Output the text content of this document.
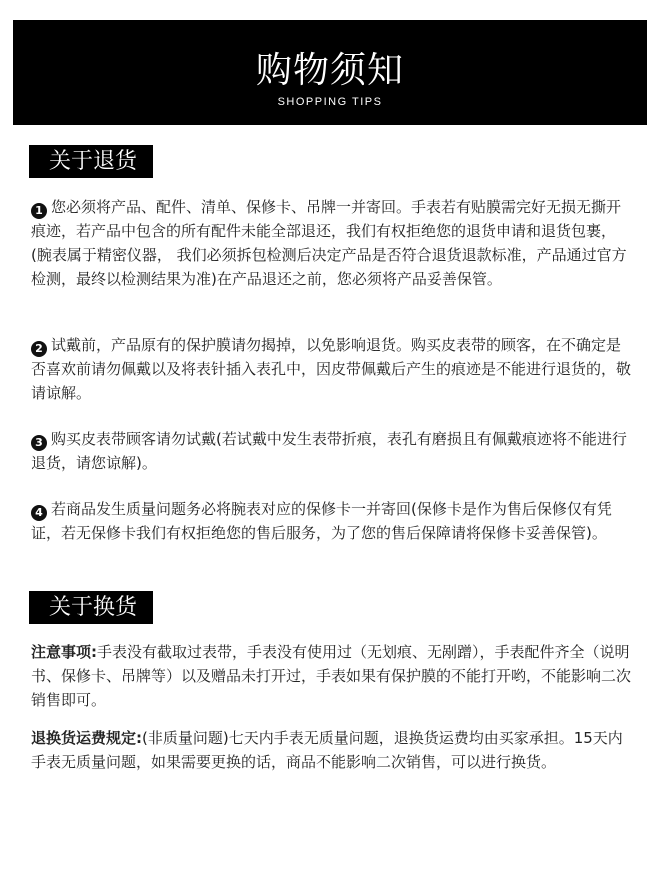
购物须知
SHOPPING TIPS
关于退货
1 您必须将产品、配件、清单、保修卡、吊牌一并寄回。手表若有贴膜需完好无损无撕开痕迹，若产品中包含的所有配件未能全部退还，我们有权拒绝您的退货申请和退货包裹，(腕表属于精密仪器， 我们必须拆包检测后决定产品是否符合退货退款标准，产品通过官方检测，最终以检测结果为准)在产品退还之前，您必须将产品妥善保管。
2 试戴前，产品原有的保护膜请勿揭掉，以免影响退货。购买皮表带的顾客，在不确定是否喜欢前请勿佩戴以及将表针插入表孔中，因皮带佩戴后产生的痕迹是不能进行退货的，敬请谅解。
3 购买皮表带顾客请勿试戴(若试戴中发生表带折痕，表孔有磨损且有佩戴痕迹将不能进行退货，请您谅解)。
4 若商品发生质量问题务必将腕表对应的保修卡一并寄回(保修卡是作为售后保修仅有凭证，若无保修卡我们有权拒绝您的售后服务，为了您的售后保障请将保修卡妥善保管)。
关于换货
注意事项:手表没有截取过表带，手表没有使用过（无划痕、无剐蹭），手表配件齐全（说明书、保修卡、吊牌等）以及赠品未打开过，手表如果有保护膜的不能打开哟，不能影响二次销售即可。
退换货运费规定:(非质量问题)七天内手表无质量问题，退换货运费均由买家承担。15天内手表无质量问题，如果需要更换的话，商品不能影响二次销售，可以进行换货。
